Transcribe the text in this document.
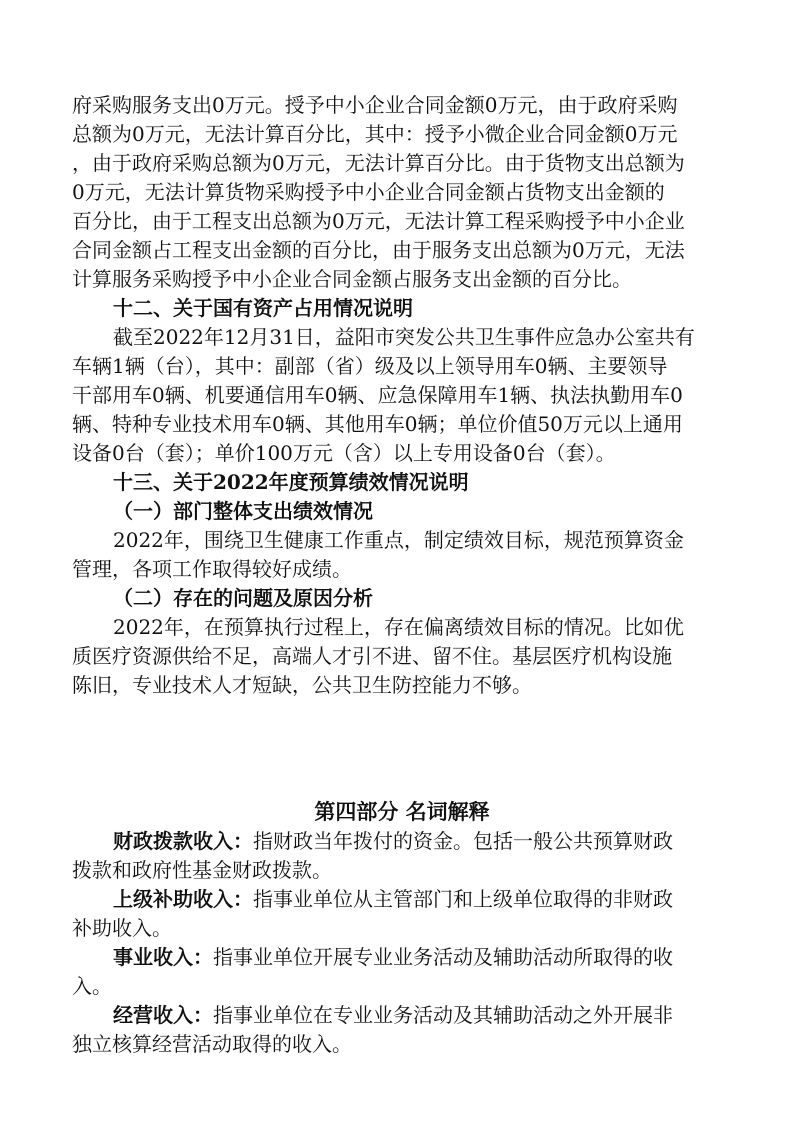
府采购服务支出0万元。授予中小企业合同金额0万元，由于政府采购
总额为0万元，无法计算百分比，其中：授予小微企业合同金额0万元
，由于政府采购总额为0万元，无法计算百分比。由于货物支出总额为
0万元，无法计算货物采购授予中小企业合同金额占货物支出金额的
百分比，由于工程支出总额为0万元，无法计算工程采购授予中小企业
合同金额占工程支出金额的百分比，由于服务支出总额为0万元，无法
计算服务采购授予中小企业合同金额占服务支出金额的百分比。
十二、关于国有资产占用情况说明
截至2022年12月31日，益阳市突发公共卫生事件应急办公室共有
车辆1辆（台），其中：副部（省）级及以上领导用车0辆、主要领导
干部用车0辆、机要通信用车0辆、应急保障用车1辆、执法执勤用车0
辆、特种专业技术用车0辆、其他用车0辆；单位价值50万元以上通用
设备0台（套）；单价100万元（含）以上专用设备0台（套）。
十三、关于2022年度预算绩效情况说明
（一）部门整体支出绩效情况
2022年，围绕卫生健康工作重点，制定绩效目标，规范预算资金
管理，各项工作取得较好成绩。
（二）存在的问题及原因分析
2022年，在预算执行过程上，存在偏离绩效目标的情况。比如优
质医疗资源供给不足，高端人才引不进、留不住。基层医疗机构设施
陈旧，专业技术人才短缺，公共卫生防控能力不够。
第四部分 名词解释
财政拨款收入：指财政当年拨付的资金。包括一般公共预算财政
拨款和政府性基金财政拨款。
上级补助收入：指事业单位从主管部门和上级单位取得的非财政
补助收入。
事业收入：指事业单位开展专业业务活动及辅助活动所取得的收
入。
经营收入：指事业单位在专业业务活动及其辅助活动之外开展非
独立核算经营活动取得的收入。
